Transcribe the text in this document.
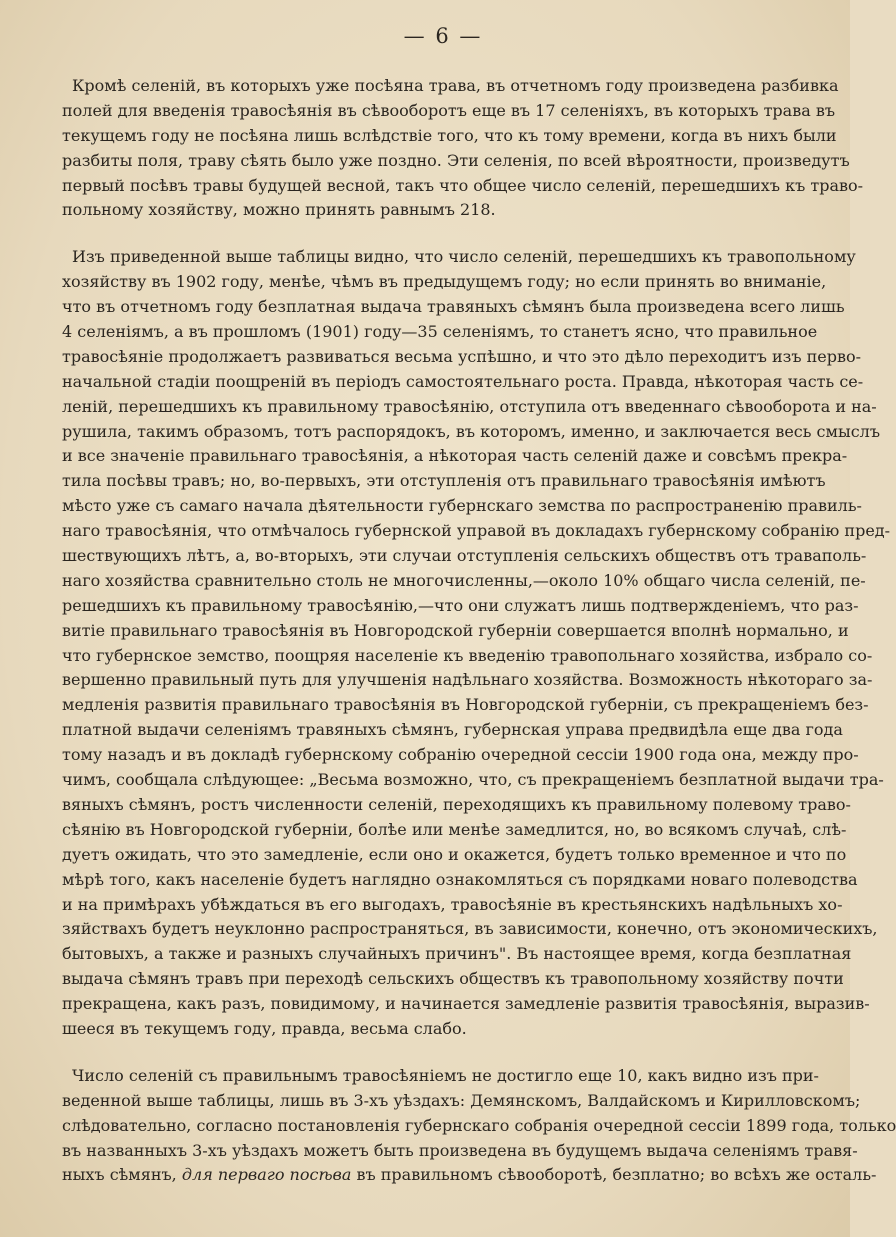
— 6 —
Кромѣ селеній, въ которыхъ уже посѣяна трава, въ отчетномъ году произведена разбивка
полей для введенія травосѣянія въ сѣвооборотъ еще въ 17 селеніяхъ, въ которыхъ трава въ
текущемъ году не посѣяна лишь вслѣдствіе того, что къ тому времени, когда въ нихъ были
разбиты поля, траву сѣять было уже поздно. Эти селенія, по всей вѣроятности, произведутъ
первый посѣвъ травы будущей весной, такъ что общее число селеній, перешедшихъ къ траво-
польному хозяйству, можно принять равнымъ 218.
Изъ приведенной выше таблицы видно, что число селеній, перешедшихъ къ травопольному
хозяйству въ 1902 году, менѣе, чѣмъ въ предыдущемъ году; но если принять во вниманіе,
что въ отчетномъ году безплатная выдача травяныхъ сѣмянъ была произведена всего лишь
4 селеніямъ, а въ прошломъ (1901) году—35 селеніямъ, то станетъ ясно, что правильное
травосѣяніе продолжаетъ развиваться весьма успѣшно, и что это дѣло переходитъ изъ перво-
начальной стадіи поощреній въ періодъ самостоятельнаго роста. Правда, нѣкоторая часть се-
леній, перешедшихъ къ правильному травосѣянію, отступила отъ введеннаго сѣвооборота и на-
рушила, такимъ образомъ, тотъ распорядокъ, въ которомъ, именно, и заключается весь смыслъ
и все значеніе правильнаго травосѣянія, а нѣкоторая часть селеній даже и совсѣмъ прекра-
тила посѣвы травъ; но, во-первыхъ, эти отступленія отъ правильнаго травосѣянія имѣютъ
мѣсто уже съ самаго начала дѣятельности губернскаго земства по распространенію правиль-
наго травосѣянія, что отмѣчалось губернской управой въ докладахъ губернскому собранію пред-
шествующихъ лѣтъ, а, во-вторыхъ, эти случаи отступленія сельскихъ обществъ отъ траваполь-
наго хозяйства сравнительно столь не многочисленны,—около 10% общаго числа селеній, пе-
решедшихъ къ правильному травосѣянію,—что они служатъ лишь подтвержденіемъ, что раз-
витіе правильнаго травосѣянія въ Новгородской губерніи совершается вполнѣ нормально, и
что губернское земство, поощряя населеніе къ введенію травопольнаго хозяйства, избрало со-
вершенно правильный путь для улучшенія надѣльнаго хозяйства. Возможность нѣкотораго за-
медленія развитія правильнаго травосѣянія въ Новгородской губерніи, съ прекращеніемъ без-
платной выдачи селеніямъ травяныхъ сѣмянъ, губернская управа предвидѣла еще два года
тому назадъ и въ докладѣ губернскому собранію очередной сессіи 1900 года она, между про-
чимъ, сообщала слѣдующее: „Весьма возможно, что, съ прекращеніемъ безплатной выдачи тра-
вяныхъ сѣмянъ, ростъ численности селеній, переходящихъ къ правильному полевому траво-
сѣянію въ Новгородской губерніи, болѣе или менѣе замедлится, но, во всякомъ случаѣ, слѣ-
дуетъ ожидать, что это замедленіе, если оно и окажется, будетъ только временное и что по
мѣрѣ того, какъ населеніе будетъ наглядно ознакомляться съ порядками новаго полеводства
и на примѣрахъ убѣждаться въ его выгодахъ, травосѣяніе въ крестьянскихъ надѣльныхъ хо-
зяйствахъ будетъ неуклонно распространяться, въ зависимости, конечно, отъ экономическихъ,
бытовыхъ, а также и разныхъ случайныхъ причинъ". Въ настоящее время, когда безплатная
выдача сѣмянъ травъ при переходѣ сельскихъ обществъ къ травопольному хозяйству почти
прекращена, какъ разъ, повидимому, и начинается замедленіе развитія травосѣянія, выразив-
шееся въ текущемъ году, правда, весьма слабо.
Число селеній съ правильнымъ травосѣяніемъ не достигло еще 10, какъ видно изъ при-
веденной выше таблицы, лишь въ 3-хъ уѣздахъ: Демянскомъ, Валдайскомъ и Кирилловскомъ;
слѣдовательно, согласно постановленія губернскаго собранія очередной сессіи 1899 года, только
въ названныхъ 3-хъ уѣздахъ можетъ быть произведена въ будущемъ выдача селеніямъ травя-
ныхъ сѣмянъ, для перваго посѣва въ правильномъ сѣвооборотѣ, безплатно; во всѣхъ же осталь-
